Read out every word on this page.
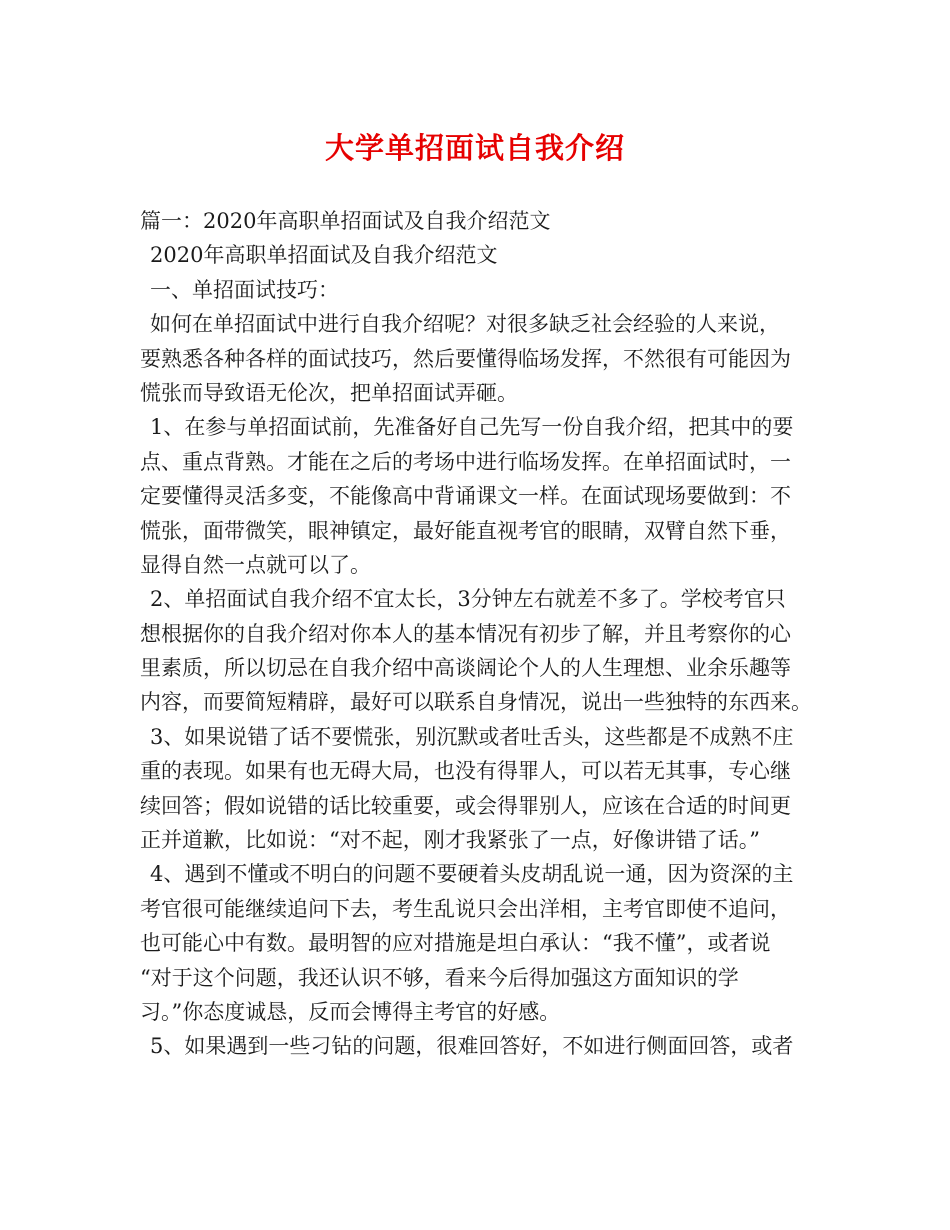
大学单招面试自我介绍
篇一：2020年高职单招面试及自我介绍范文
2020年高职单招面试及自我介绍范文
一、单招面试技巧：
如何在单招面试中进行自我介绍呢？对很多缺乏社会经验的人来说，
要熟悉各种各样的面试技巧，然后要懂得临场发挥，不然很有可能因为
慌张而导致语无伦次，把单招面试弄砸。
1、在参与单招面试前，先准备好自己先写一份自我介绍，把其中的要
点、重点背熟。才能在之后的考场中进行临场发挥。在单招面试时，一
定要懂得灵活多变，不能像高中背诵课文一样。在面试现场要做到：不
慌张，面带微笑，眼神镇定，最好能直视考官的眼睛，双臂自然下垂，
显得自然一点就可以了。
2、单招面试自我介绍不宜太长，3分钟左右就差不多了。学校考官只
想根据你的自我介绍对你本人的基本情况有初步了解，并且考察你的心
里素质，所以切忌在自我介绍中高谈阔论个人的人生理想、业余乐趣等
内容，而要简短精辟，最好可以联系自身情况，说出一些独特的东西来。
3、如果说错了话不要慌张，别沉默或者吐舌头，这些都是不成熟不庄
重的表现。如果有也无碍大局，也没有得罪人，可以若无其事，专心继
续回答；假如说错的话比较重要，或会得罪别人，应该在合适的时间更
正并道歉，比如说：“对不起，刚才我紧张了一点，好像讲错了话。”
4、遇到不懂或不明白的问题不要硬着头皮胡乱说一通，因为资深的主
考官很可能继续追问下去，考生乱说只会出洋相，主考官即使不追问，
也可能心中有数。最明智的应对措施是坦白承认：“我不懂”，或者说
“对于这个问题，我还认识不够，看来今后得加强这方面知识的学
习。”你态度诚恳，反而会博得主考官的好感。
5、如果遇到一些刁钻的问题，很难回答好，不如进行侧面回答，或者
